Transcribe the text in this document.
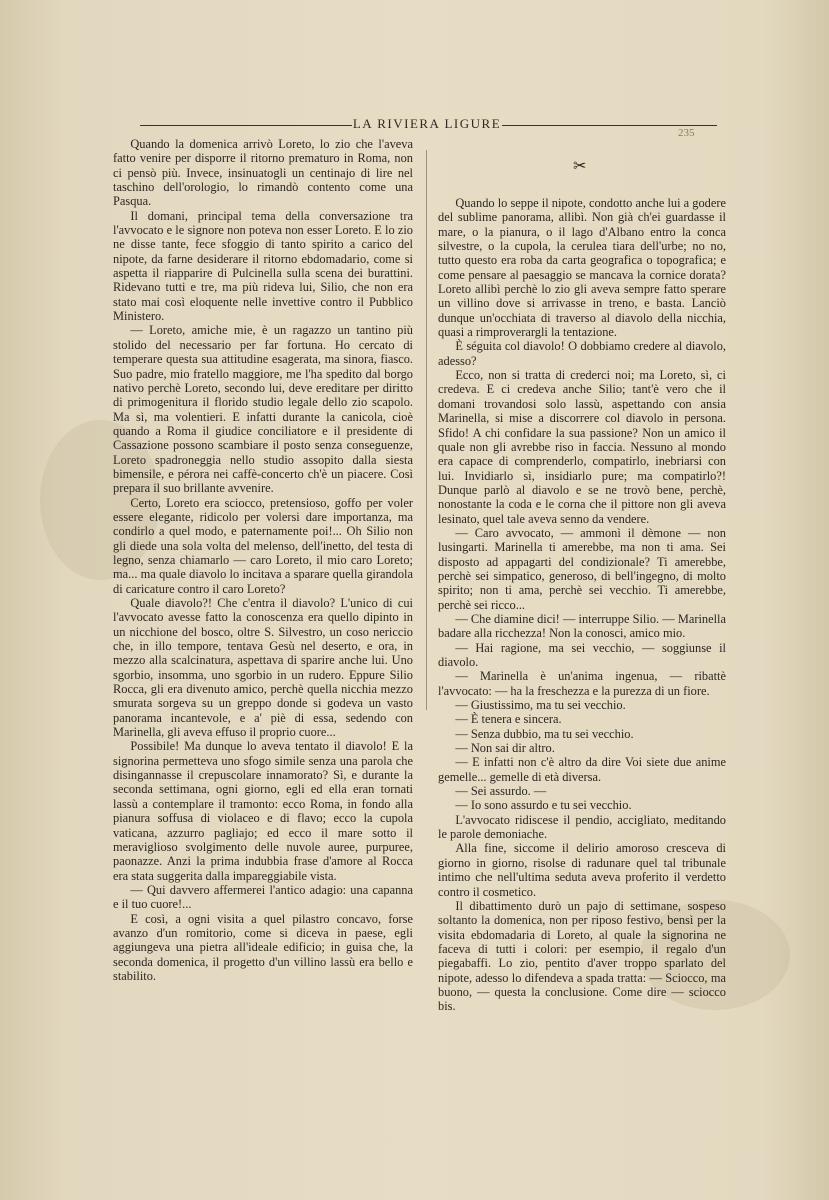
LA RIVIERA LIGURE
235

Quando la domenica arrivò Loreto, lo zio che l'aveva fatto venire per disporre il ritorno prematuro in Roma, non ci pensò più. Invece, insinuatogli un centinajo di lire nel taschino dell'orologio, lo rimandò contento come una Pasqua.

Il domani, principal tema della conversazione tra l'avvocato e le signore non poteva non esser Loreto. E lo zio ne disse tante, fece sfoggio di tanto spirito a carico del nipote, da farne desiderare il ritorno ebdomadario, come si aspetta il riapparire di Pulcinella sulla scena dei burattini. Ridevano tutti e tre, ma più rideva lui, Silio, che non era stato mai così eloquente nelle invettive contro il Pubblico Ministero.

— Loreto, amiche mie, è un ragazzo un tantino più stolido del necessario per far fortuna. Ho cercato di temperare questa sua attitudine esagerata, ma sinora, fiasco. Suo padre, mio fratello maggiore, me l'ha spedito dal borgo nativo perchè Loreto, secondo lui, deve ereditare per diritto di primogenitura il florido studio legale dello zio scapolo. Ma sì, ma volentieri. E infatti durante la canicola, cioè quando a Roma il giudice conciliatore e il presidente di Cassazione possono scambiare il posto senza conseguenze, Loreto spadroneggia nello studio assopito dalla siesta bimensile, e pérora nei caffè-concerto ch'è un piacere. Così prepara il suo brillante avvenire.

Certo, Loreto era sciocco, pretensioso, goffo per voler essere elegante, ridicolo per volersi dare importanza, ma condirlo a quel modo, e paternamente poi!... Oh Silio non gli diede una sola volta del melenso, dell'inetto, del testa di legno, senza chiamarlo — caro Loreto, il mio caro Loreto; ma... ma quale diavolo lo incitava a sparare quella girandola di caricature contro il caro Loreto?

Quale diavolo?! Che c'entra il diavolo? L'unico di cui l'avvocato avesse fatto la conoscenza era quello dipinto in un nicchione del bosco, oltre S. Silvestro, un coso nericcio che, in illo tempore, tentava Gesù nel deserto, e ora, in mezzo alla scalcinatura, aspettava di sparire anche lui. Uno sgorbio, insomma, uno sgorbio in un rudero. Eppure Silio Rocca, gli era divenuto amico, perchè quella nicchia mezzo smurata sorgeva su un greppo donde si godeva un vasto panorama incantevole, e a' piè di essa, sedendo con Marinella, gli aveva effuso il proprio cuore...

Possibile! Ma dunque lo aveva tentato il diavolo! E la signorina permetteva uno sfogo simile senza una parola che disingannasse il crepuscolare innamorato? Sì, e durante la seconda settimana, ogni giorno, egli ed ella eran tornati lassù a contemplare il tramonto: ecco Roma, in fondo alla pianura soffusa di violaceo e di flavo; ecco la cupola vaticana, azzurro pagliajo; ed ecco il mare sotto il meraviglioso svolgimento delle nuvole auree, purpuree, paonazze. Anzi la prima indubbia frase d'amore al Rocca era stata suggerita dalla impareggiabile vista.

— Qui davvero affermerei l'antico adagio: una capanna e il tuo cuore!...

E così, a ogni visita a quel pilastro concavo, forse avanzo d'un romitorio, come si diceva in paese, egli aggiungeva una pietra all'ideale edificio; in guisa che, la seconda domenica, il progetto d'un villino lassù era bello e stabilito.

✂

Quando lo seppe il nipote, condotto anche lui a godere del sublime panorama, allibì. Non già ch'ei guardasse il mare, o la pianura, o il lago d'Albano entro la conca silvestre, o la cupola, la cerulea tiara dell'urbe; no no, tutto questo era roba da carta geografica o topografica; e come pensare al paesaggio se mancava la cornice dorata? Loreto allibì perchè lo zio gli aveva sempre fatto sperare un villino dove si arrivasse in treno, e basta. Lanciò dunque un'occhiata di traverso al diavolo della nicchia, quasi a rimproverargli la tentazione.

È séguita col diavolo! O dobbiamo credere al diavolo, adesso?

Ecco, non si tratta di crederci noi; ma Loreto, sì, ci credeva. E ci credeva anche Silio; tant'è vero che il domani trovandosi solo lassù, aspettando con ansia Marinella, si mise a discorrere col diavolo in persona. Sfido! A chi confidare la sua passione? Non un amico il quale non gli avrebbe riso in faccia. Nessuno al mondo era capace di comprenderlo, compatirlo, inebriarsi con lui. Invidiarlo sì, insidiarlo pure; ma compatirlo?! Dunque parlò al diavolo e se ne trovò bene, perchè, nonostante la coda e le corna che il pittore non gli aveva lesinato, quel tale aveva senno da vendere.

— Caro avvocato, — ammonì il dèmone — non lusingarti. Marinella ti amerebbe, ma non ti ama. Sei disposto ad appagarti del condizionale? Ti amerebbe, perchè sei simpatico, generoso, di bell'ingegno, di molto spirito; non ti ama, perchè sei vecchio. Ti amerebbe, perchè sei ricco...

— Che diamine dici! — interruppe Silio. — Marinella badare alla ricchezza! Non la conosci, amico mio.

— Hai ragione, ma sei vecchio, — soggiunse il diavolo.

— Marinella è un'anima ingenua, — ribattè l'avvocato: — ha la freschezza e la purezza di un fiore.

— Giustissimo, ma tu sei vecchio.

— È tenera e sincera.

— Senza dubbio, ma tu sei vecchio.

— Non sai dir altro.

— E infatti non c'è altro da dire Voi siete due anime gemelle... gemelle di età diversa.

— Sei assurdo. —

— Io sono assurdo e tu sei vecchio.

L'avvocato ridiscese il pendio, accigliato, meditando le parole demoniache.

Alla fine, siccome il delirio amoroso cresceva di giorno in giorno, risolse di radunare quel tal tribunale intimo che nell'ultima seduta aveva proferito il verdetto contro il cosmetico.

Il dibattimento durò un pajo di settimane, sospeso soltanto la domenica, non per riposo festivo, bensì per la visita ebdomadaria di Loreto, al quale la signorina ne faceva di tutti i colori: per esempio, il regalo d'un piegabaffi. Lo zio, pentito d'aver troppo sparlato del nipote, adesso lo difendeva a spada tratta: — Sciocco, ma buono, — questa la conclusione. Come dire — sciocco bis.
